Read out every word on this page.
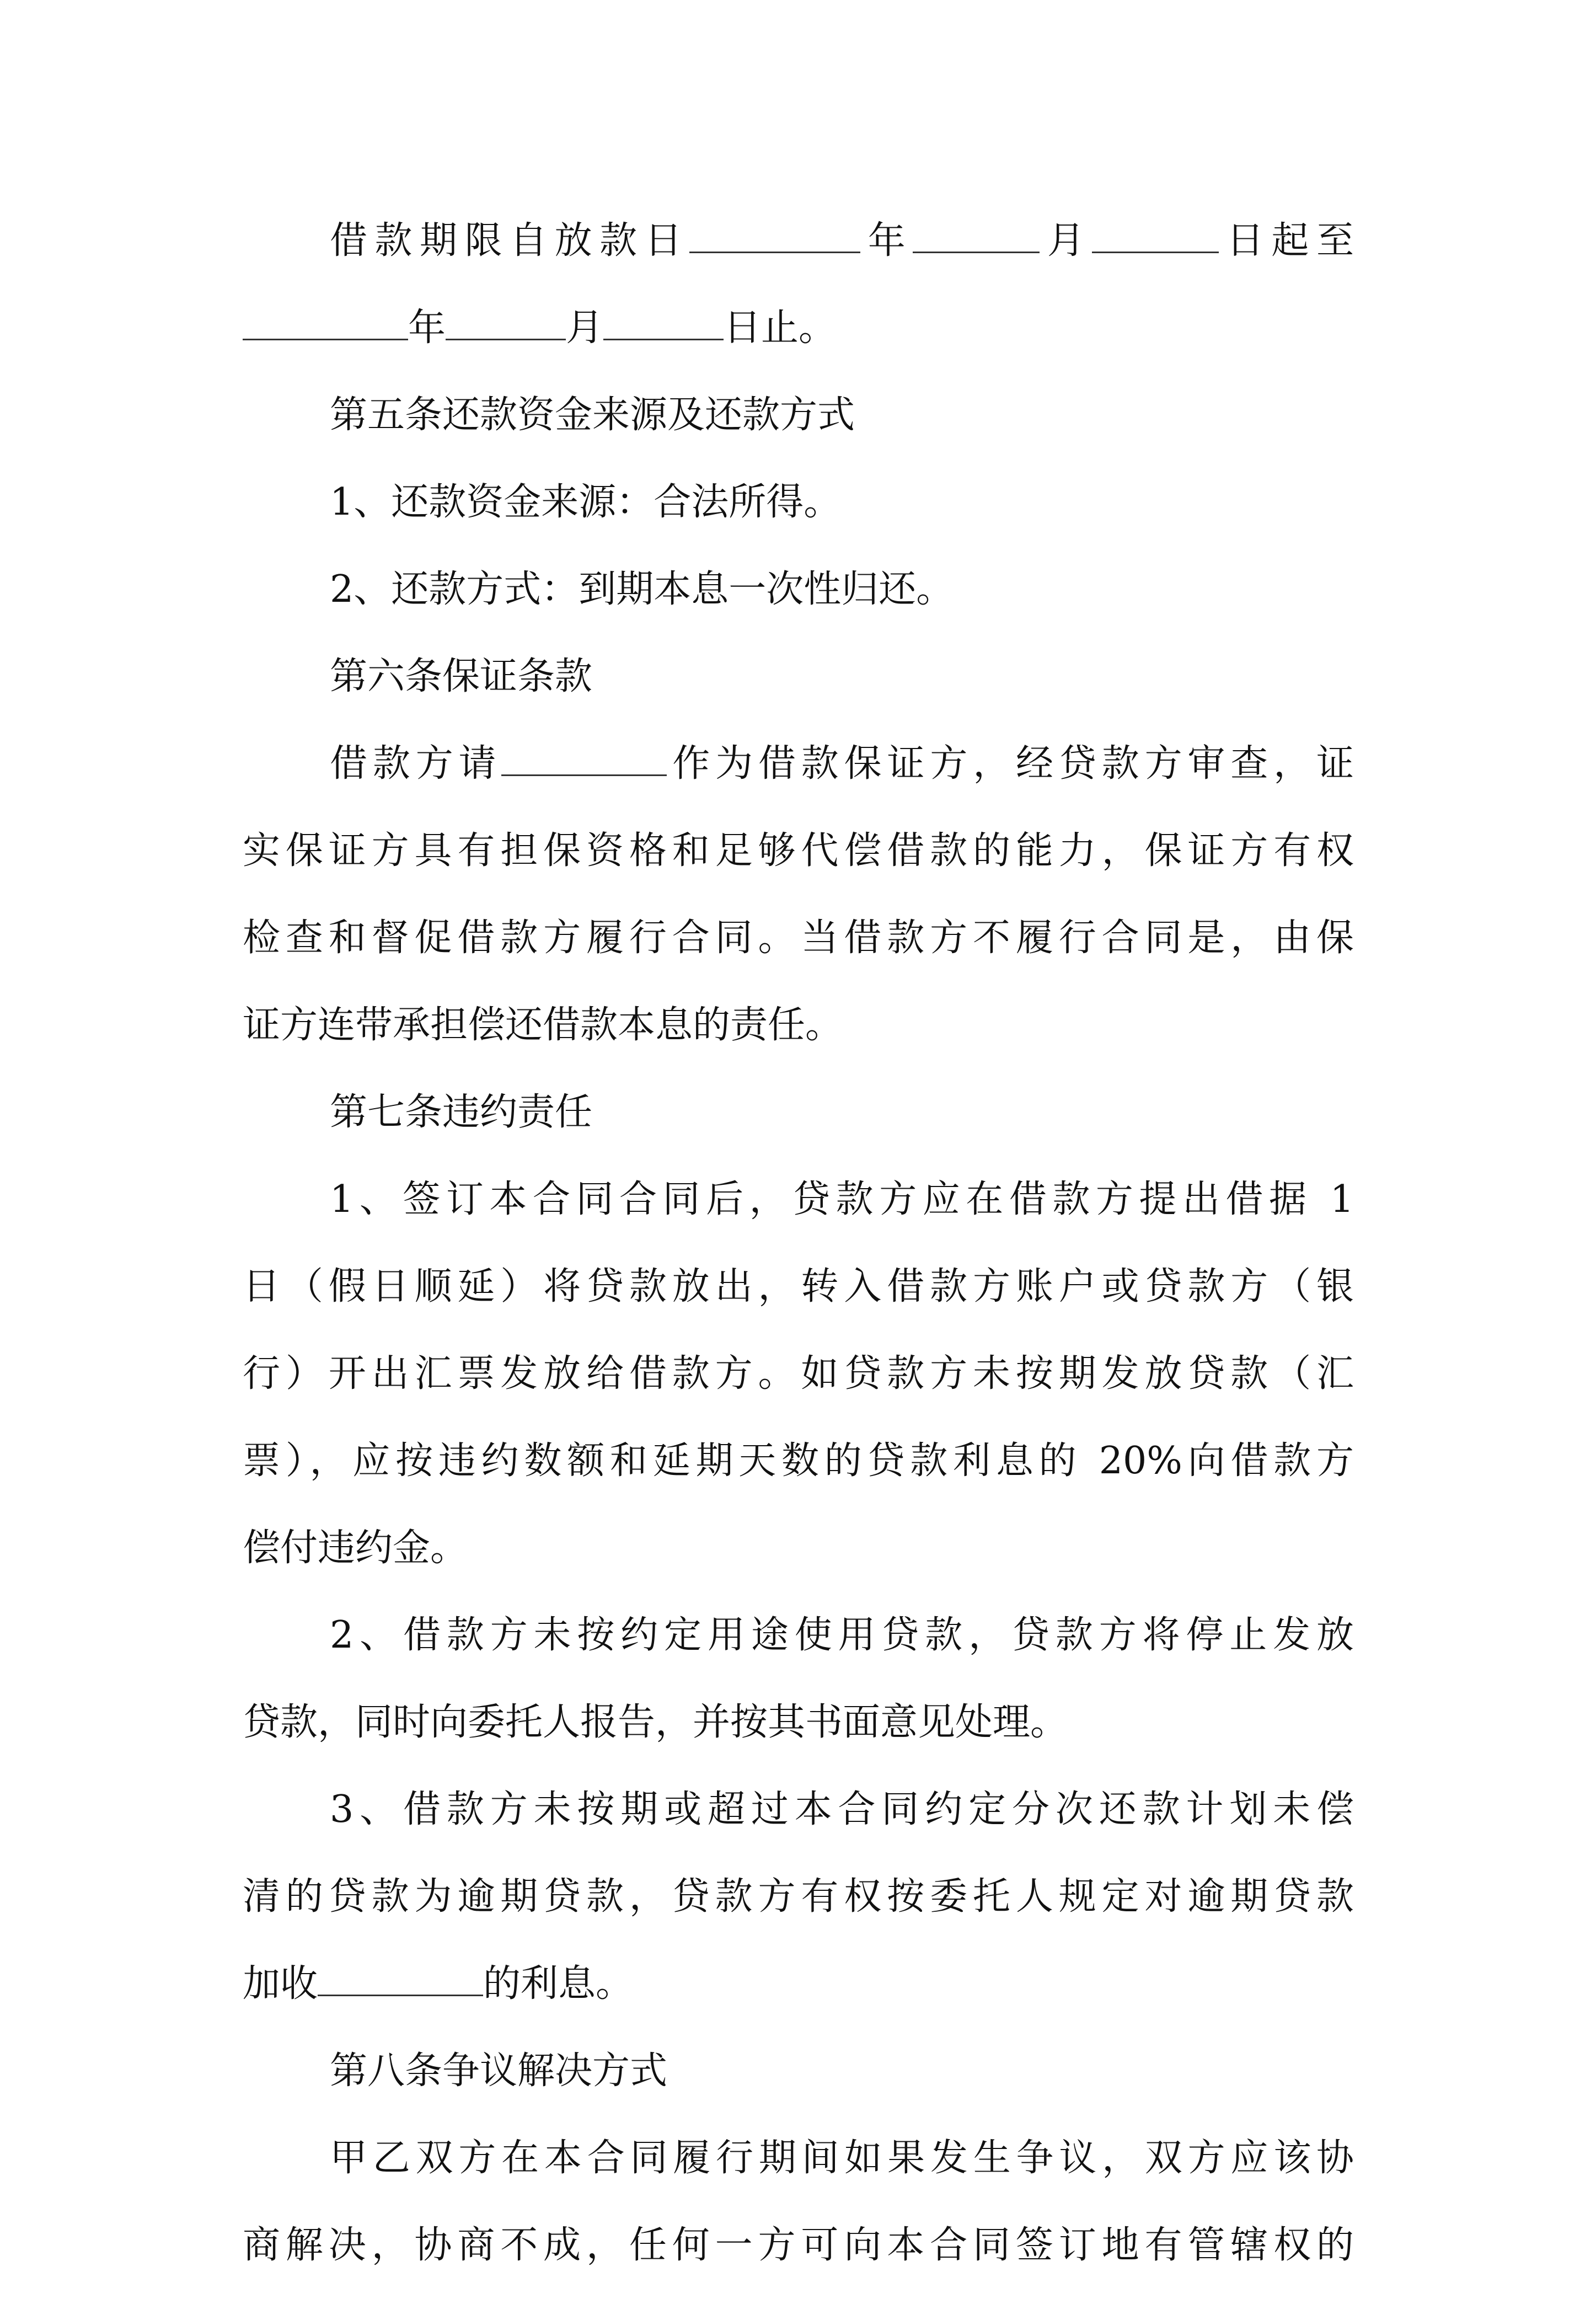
借款期限自放款日	年	月	日起至
年	月	日止。
第五条还款资金来源及还款方式
1、还款资金来源：合法所得。
2、还款方式：到期本息一次性归还。
第六条保证条款
借款方请	作为借款保证方，经贷款方审查，证
实保证方具有担保资格和足够代偿借款的能力，保证方有权
检查和督促借款方履行合同。当借款方不履行合同是，由保
证方连带承担偿还借款本息的责任。
第七条违约责任
1、签订本合同合同后，贷款方应在借款方提出借据 1
日（假日顺延）将贷款放出，转入借款方账户或贷款方（银
行）开出汇票发放给借款方。如贷款方未按期发放贷款（汇
票），应按违约数额和延期天数的贷款利息的 20%向借款方
偿付违约金。
2、借款方未按约定用途使用贷款，贷款方将停止发放
贷款，同时向委托人报告，并按其书面意见处理。
3、借款方未按期或超过本合同约定分次还款计划未偿
清的贷款为逾期贷款，贷款方有权按委托人规定对逾期贷款
加收	的利息。
第八条争议解决方式
甲乙双方在本合同履行期间如果发生争议，双方应该协
商解决，协商不成，任何一方可向本合同签订地有管辖权的
